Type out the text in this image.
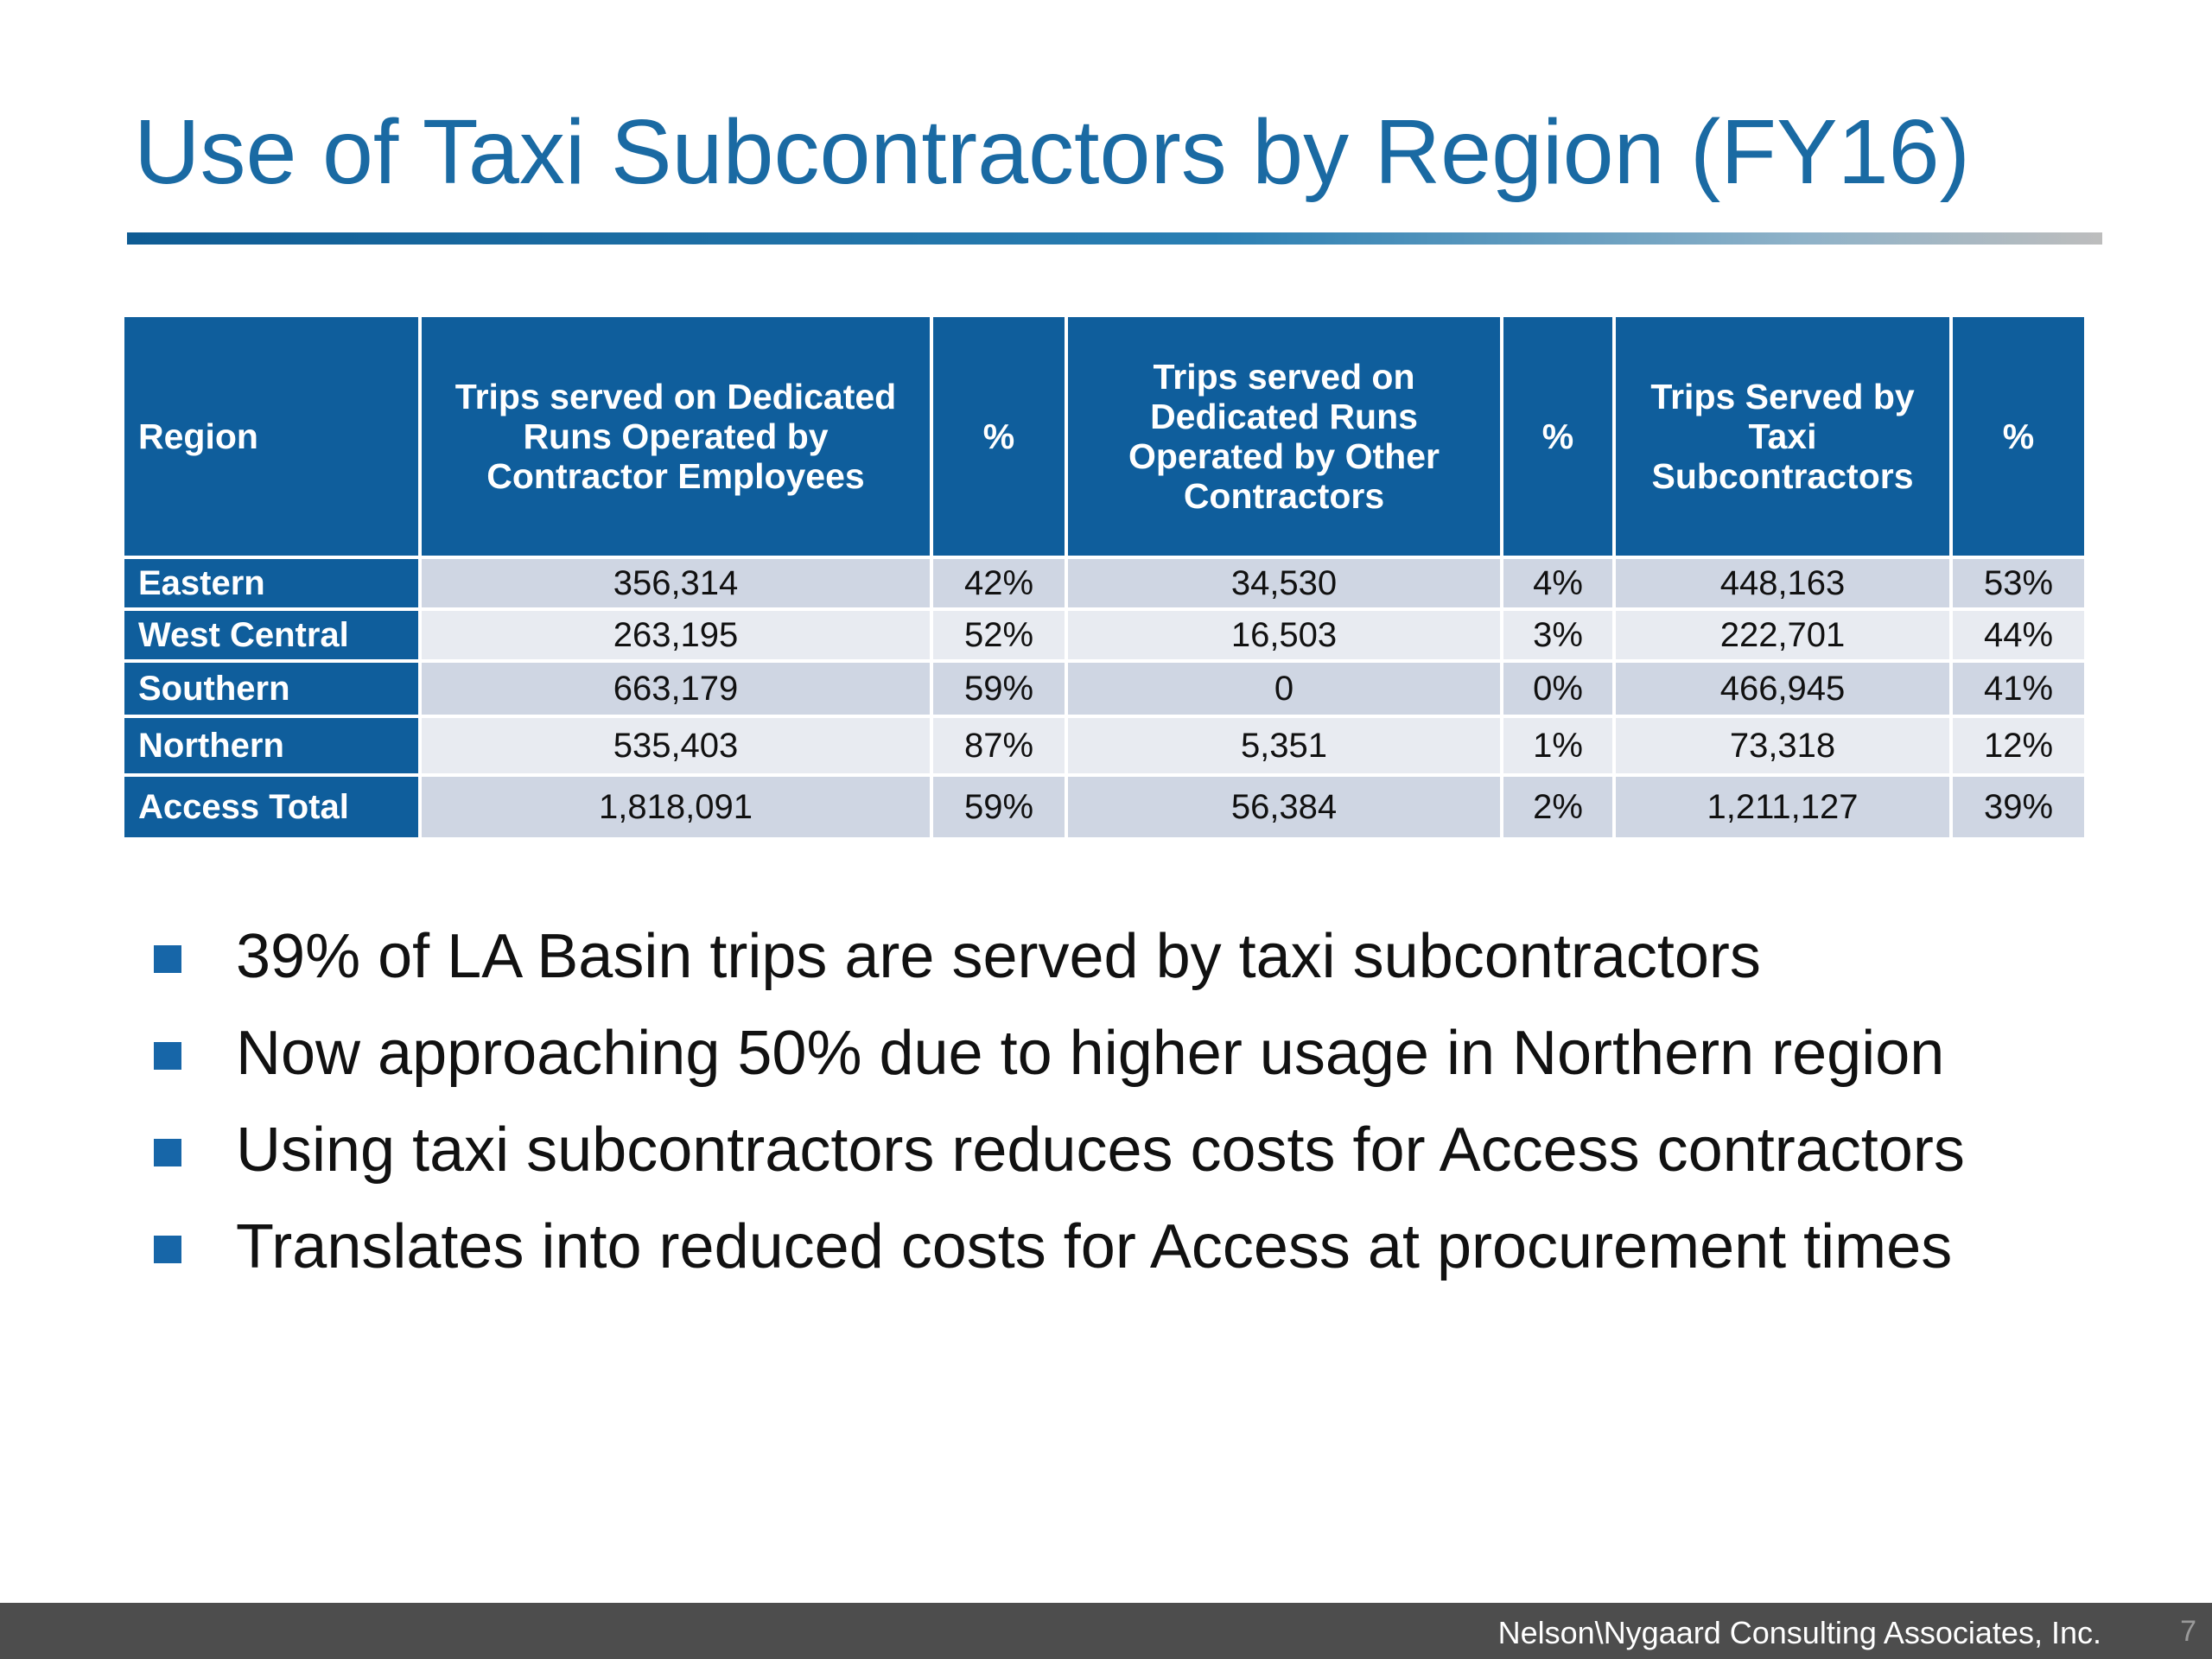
Use of Taxi Subcontractors by Region (FY16)
Region	Trips served on Dedicated Runs Operated by Contractor Employees	%	Trips served on Dedicated Runs Operated by Other Contractors	%	Trips Served by Taxi Subcontractors	%
Eastern	356,314	42%	34,530	4%	448,163	53%
West Central	263,195	52%	16,503	3%	222,701	44%
Southern	663,179	59%	0	0%	466,945	41%
Northern	535,403	87%	5,351	1%	73,318	12%
Access Total	1,818,091	59%	56,384	2%	1,211,127	39%
39% of LA Basin trips are served by taxi subcontractors
Now approaching 50% due to higher usage in Northern region
Using taxi subcontractors reduces costs for Access contractors
Translates into reduced costs for Access at procurement times
Nelson\Nygaard Consulting Associates, Inc.	7
